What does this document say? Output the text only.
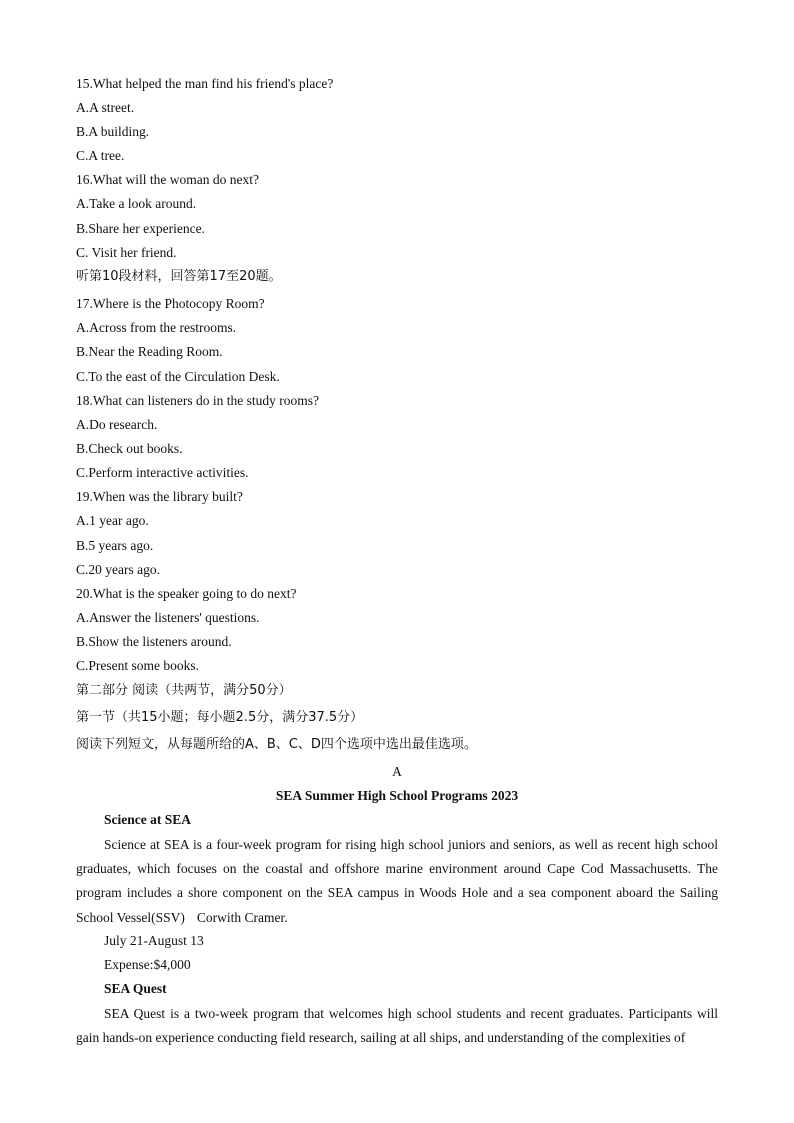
15.What helped the man find his friend's place?
A.A street.
B.A building.
C.A tree.
16.What will the woman do next?
A.Take a look around.
B.Share her experience.
C. Visit her friend.
听第10段材料，回答第17至20题。
17.Where is the Photocopy Room?
A.Across from the restrooms.
B.Near the Reading Room.
C.To the east of the Circulation Desk.
18.What can listeners do in the study rooms?
A.Do research.
B.Check out books.
C.Perform interactive activities.
19.When was the library built?
A.1 year ago.
B.5 years ago.
C.20 years ago.
20.What is the speaker going to do next?
A.Answer the listeners' questions.
B.Show the listeners around.
C.Present some books.
第二部分 阅读（共两节，满分50分）
第一节（共15小题；每小题2.5分，满分37.5分）
阅读下列短文，从每题所给的A、B、C、D四个选项中选出最佳选项。
A
SEA Summer High School Programs 2023
Science at SEA
Science at SEA is a four-week program for rising high school juniors and seniors, as well as recent high school graduates, which focuses on the coastal and offshore marine environment around Cape Cod Massachusetts. The program includes a shore component on the SEA campus in Woods Hole and a sea component aboard the Sailing School Vessel(SSV) Corwith Cramer.
July 21-August 13
Expense:$4,000
SEA Quest
SEA Quest is a two-week program that welcomes high school students and recent graduates. Participants will gain hands-on experience conducting field research, sailing at all ships, and understanding of the complexities of
